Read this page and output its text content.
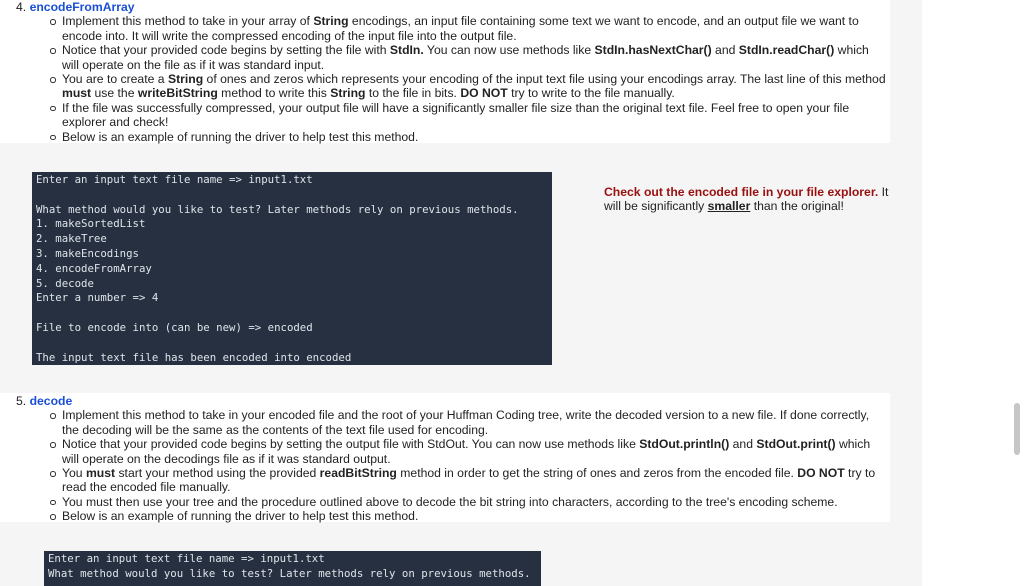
4. encodeFromArray
Implement this method to take in your array of String encodings, an input file containing some text we want to encode, and an output file we want to encode into. It will write the compressed encoding of the input file into the output file.
Notice that your provided code begins by setting the file with StdIn. You can now use methods like StdIn.hasNextChar() and StdIn.readChar() which will operate on the file as if it was standard input.
You are to create a String of ones and zeros which represents your encoding of the input text file using your encodings array. The last line of this method must use the writeBitString method to write this String to the file in bits. DO NOT try to write to the file manually.
If the file was successfully compressed, your output file will have a significantly smaller file size than the original text file. Feel free to open your file explorer and check!
Below is an example of running the driver to help test this method.
Enter an input text file name => input1.txt
What method would you like to test? Later methods rely on previous methods.
1. makeSortedList
2. makeTree
3. makeEncodings
4. encodeFromArray
5. decode
Enter a number => 4
File to encode into (can be new) => encoded
The input text file has been encoded into encoded
Check out the encoded file in your file explorer. It will be significantly smaller than the original!
5. decode
Implement this method to take in your encoded file and the root of your Huffman Coding tree, write the decoded version to a new file. If done correctly, the decoding will be the same as the contents of the text file used for encoding.
Notice that your provided code begins by setting the output file with StdOut. You can now use methods like StdOut.println() and StdOut.print() which will operate on the decodings file as if it was standard output.
You must start your method using the provided readBitString method in order to get the string of ones and zeros from the encoded file. DO NOT try to read the encoded file manually.
You must then use your tree and the procedure outlined above to decode the bit string into characters, according to the tree's encoding scheme.
Below is an example of running the driver to help test this method.
Enter an input text file name => input1.txt
What method would you like to test? Later methods rely on previous methods.
